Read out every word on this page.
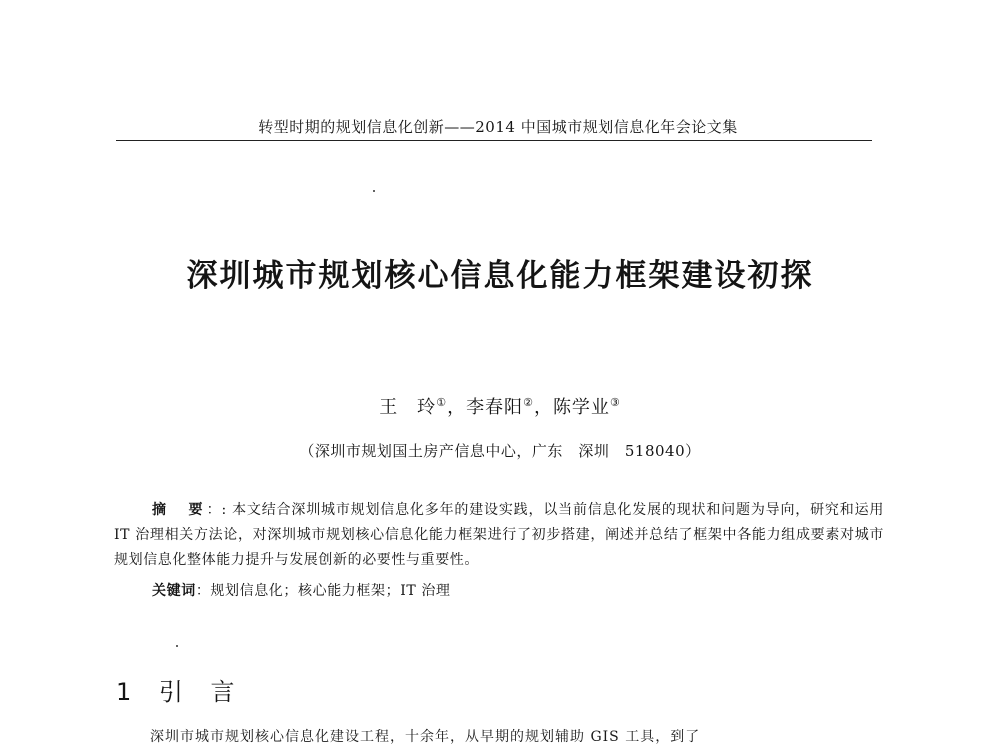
转型时期的规划信息化创新——2014 中国城市规划信息化年会论文集
深圳城市规划核心信息化能力框架建设初探
王　玲①，李春阳②，陈学业③
（深圳市规划国土房产信息中心，广东　深圳　518040）
摘　要：: 本文结合深圳城市规划信息化多年的建设实践，以当前信息化发展的现状和问题为导向，研究和运用 IT 治理相关方法论，对深圳城市规划核心信息化能力框架进行了初步搭建，阐述并总结了框架中各能力组成要素对城市规划信息化整体能力提升与发展创新的必要性与重要性。
关键词：规划信息化；核心能力框架；IT 治理
1 引 言
深圳市城市规划核心信息化建设工程，十余年，从早期的规划辅助 GIS 工具，到了
